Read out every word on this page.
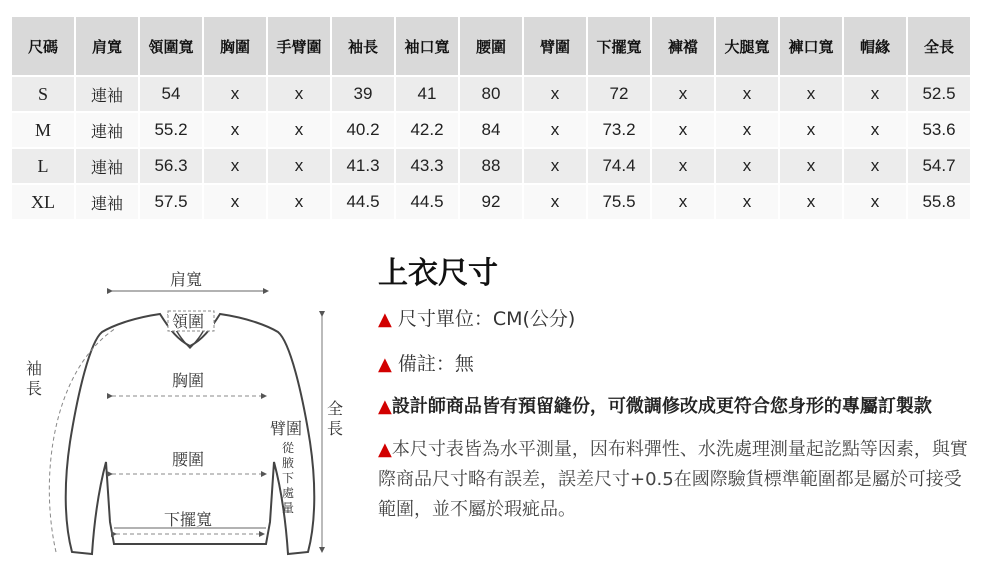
尺碼	肩寬	領圍寬	胸圍	手臂圍	袖長	袖口寬	腰圍	臂圍	下擺寬	褲襠	大腿寬	褲口寬	帽緣	全長
S	連袖	54	x	x	39	41	80	x	72	x	x	x	x	52.5
M	連袖	55.2	x	x	40.2	42.2	84	x	73.2	x	x	x	x	53.6
L	連袖	56.3	x	x	41.3	43.3	88	x	74.4	x	x	x	x	54.7
XL	連袖	57.5	x	x	44.5	44.5	92	x	75.5	x	x	x	x	55.8
肩寬
領圍
胸圍
腰圍
下擺寬
袖
長
臂圍
從
腋
下
處
量
全
長
上衣尺寸
▲ 尺寸單位：CM(公分)
▲ 備註：無
▲設計師商品皆有預留縫份，可微調修改成更符合您身形的專屬訂製款
▲本尺寸表皆為水平測量，因布料彈性、水洗處理測量起訖點等因素，與實際商品尺寸略有誤差，誤差尺寸+0.5在國際驗貨標準範圍都是屬於可接受範圍，並不屬於瑕疵品。
